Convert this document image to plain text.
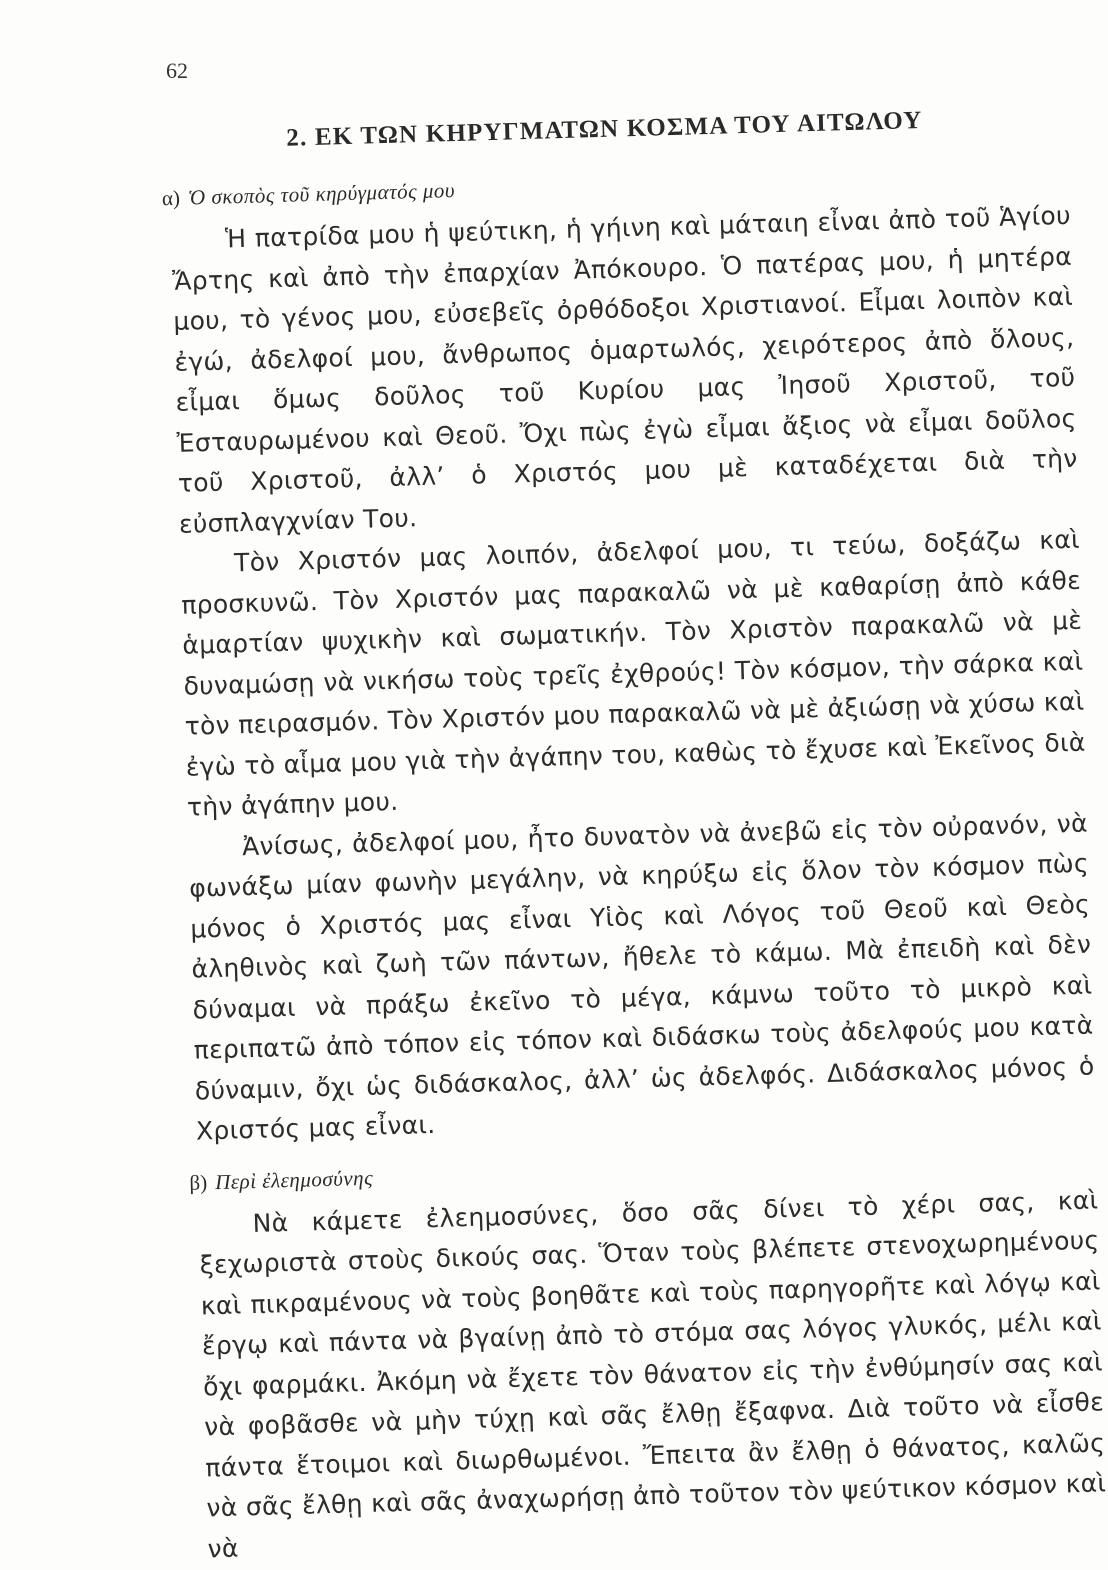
62
2. ΕΚ ΤΩΝ ΚΗΡΥΓΜΑΤΩΝ ΚΟΣΜΑ ΤΟΥ ΑΙΤΩΛΟΥ
α) Ὁ σκοπὸς τοῦ κηρύγματός μου

Ἡ πατρίδα μου ἡ ψεύτικη, ἡ γήινη καὶ μάταιη εἶναι ἀπὸ τοῦ Ἁγίου Ἄρτης καὶ ἀπὸ τὴν ἐπαρχίαν Ἀπόκουρο. Ὁ πατέρας μου, ἡ μητέρα μου, τὸ γένος μου, εὐσεβεῖς ὀρθόδοξοι Χριστιανοί. Εἶμαι λοιπὸν καὶ ἐγώ, ἀδελφοί μου, ἄνθρωπος ὁμαρτωλός, χειρότερος ἀπὸ ὅλους, εἶμαι ὅμως δοῦλος τοῦ Κυρίου μας Ἰησοῦ Χριστοῦ, τοῦ Ἐσταυρωμένου καὶ Θεοῦ. Ὄχι πὼς ἐγὼ εἶμαι ἄξιος νὰ εἶμαι δοῦλος τοῦ Χριστοῦ, ἀλλ’ ὁ Χριστός μου μὲ καταδέχεται διὰ τὴν εὐσπλαγχνίαν Του.

Τὸν Χριστόν μας λοιπόν, ἀδελφοί μου, τι τεύω, δοξάζω καὶ προσκυνῶ. Τὸν Χριστόν μας παρακαλῶ νὰ μὲ καθαρίσῃ ἀπὸ κάθε ἁμαρτίαν ψυχικὴν καὶ σωματικήν. Τὸν Χριστὸν παρακαλῶ νὰ μὲ δυναμώσῃ νὰ νικήσω τοὺς τρεῖς ἐχθρούς! Τὸν κόσμον, τὴν σάρκα καὶ τὸν πειρασμόν. Τὸν Χριστόν μου παρακαλῶ νὰ μὲ ἀξιώσῃ νὰ χύσω καὶ ἐγὼ τὸ αἷμα μου γιὰ τὴν ἀγάπην του, καθὼς τὸ ἔχυσε καὶ Ἐκεῖνος διὰ τὴν ἀγάπην μου.

Ἀνίσως, ἀδελφοί μου, ἦτο δυνατὸν νὰ ἀνεβῶ εἰς τὸν οὐρανόν, νὰ φωνάξω μίαν φωνὴν μεγάλην, νὰ κηρύξω εἰς ὅλον τὸν κόσμον πὼς μόνος ὁ Χριστός μας εἶναι Υἱὸς καὶ Λόγος τοῦ Θεοῦ καὶ Θεὸς ἀληθινὸς καὶ ζωὴ τῶν πάντων, ἤθελε τὸ κάμω. Μὰ ἐπειδὴ καὶ δὲν δύναμαι νὰ πράξω ἐκεῖνο τὸ μέγα, κάμνω τοῦτο τὸ μικρὸ καὶ περιπατῶ ἀπὸ τόπον εἰς τόπον καὶ διδάσκω τοὺς ἀδελφούς μου κατὰ δύναμιν, ὄχι ὡς διδάσκαλος, ἀλλ’ ὡς ἀδελφός. Διδάσκαλος μόνος ὁ Χριστός μας εἶναι.

β) Περὶ ἐλεημοσύνης

Νὰ κάμετε ἐλεημοσύνες, ὅσο σᾶς δίνει τὸ χέρι σας, καὶ ξεχωριστὰ στοὺς δικούς σας. Ὅταν τοὺς βλέπετε στενοχωρημένους καὶ πικραμένους νὰ τοὺς βοηθᾶτε καὶ τοὺς παρηγορῆτε καὶ λόγῳ καὶ ἔργῳ καὶ πάντα νὰ βγαίνῃ ἀπὸ τὸ στόμα σας λόγος γλυκός, μέλι καὶ ὄχι φαρμάκι. Ἀκόμη νὰ ἔχετε τὸν θάνατον εἰς τὴν ἐνθύμησίν σας καὶ νὰ φοβᾶσθε νὰ μὴν τύχῃ καὶ σᾶς ἔλθῃ ἔξαφνα. Διὰ τοῦτο νὰ εἶσθε πάντα ἕτοιμοι καὶ διωρθωμένοι. Ἔπειτα ἂν ἔλθῃ ὁ θάνατος, καλῶς νὰ σᾶς ἔλθῃ καὶ σᾶς ἀναχωρήσῃ ἀπὸ τοῦτον τὸν ψεύτικον κόσμον καὶ νὰ
